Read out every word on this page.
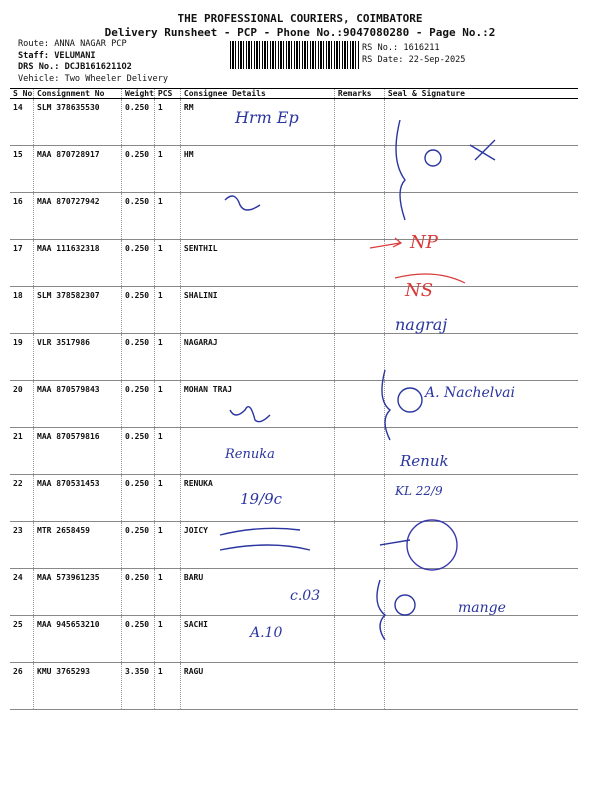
THE PROFESSIONAL COURIERS, COIMBATORE
Delivery Runsheet - PCP - Phone No.:9047080280 - Page No.:2
Route: ANNA NAGAR PCP
Staff: VELUMANI
DRS No.: DCJB1616211O2
Vehicle: Two Wheeler Delivery
RS No.: 1616211
RS Date: 22-Sep-2025
S No	Consignment No	Weight	PCS	Consignee Details	Remarks	Seal & Signature
14	SLM 378635530	0.250	1	RM		
15	MAA 870728917	0.250	1	HM		
16	MAA 870727942	0.250	1			
17	MAA 111632318	0.250	1	SENTHIL		
18	SLM 378582307	0.250	1	SHALINI		
19	VLR 3517986	0.250	1	NAGARAJ		
20	MAA 870579843	0.250	1	MOHAN TRAJ		
21	MAA 870579816	0.250	1			
22	MAA 870531453	0.250	1	RENUKA		
23	MTR 2658459	0.250	1	JOICY		
24	MAA 573961235	0.250	1	BARU		
25	MAA 945653210	0.250	1	SACHI		
26	KMU 3765293	3.350	1	RAGU		
Hrm Ep
NP
NS
nagraj
A. Nachelvai
Renuka	Renuk
19/9c	KL 22/9
c.03
A.10
mange
